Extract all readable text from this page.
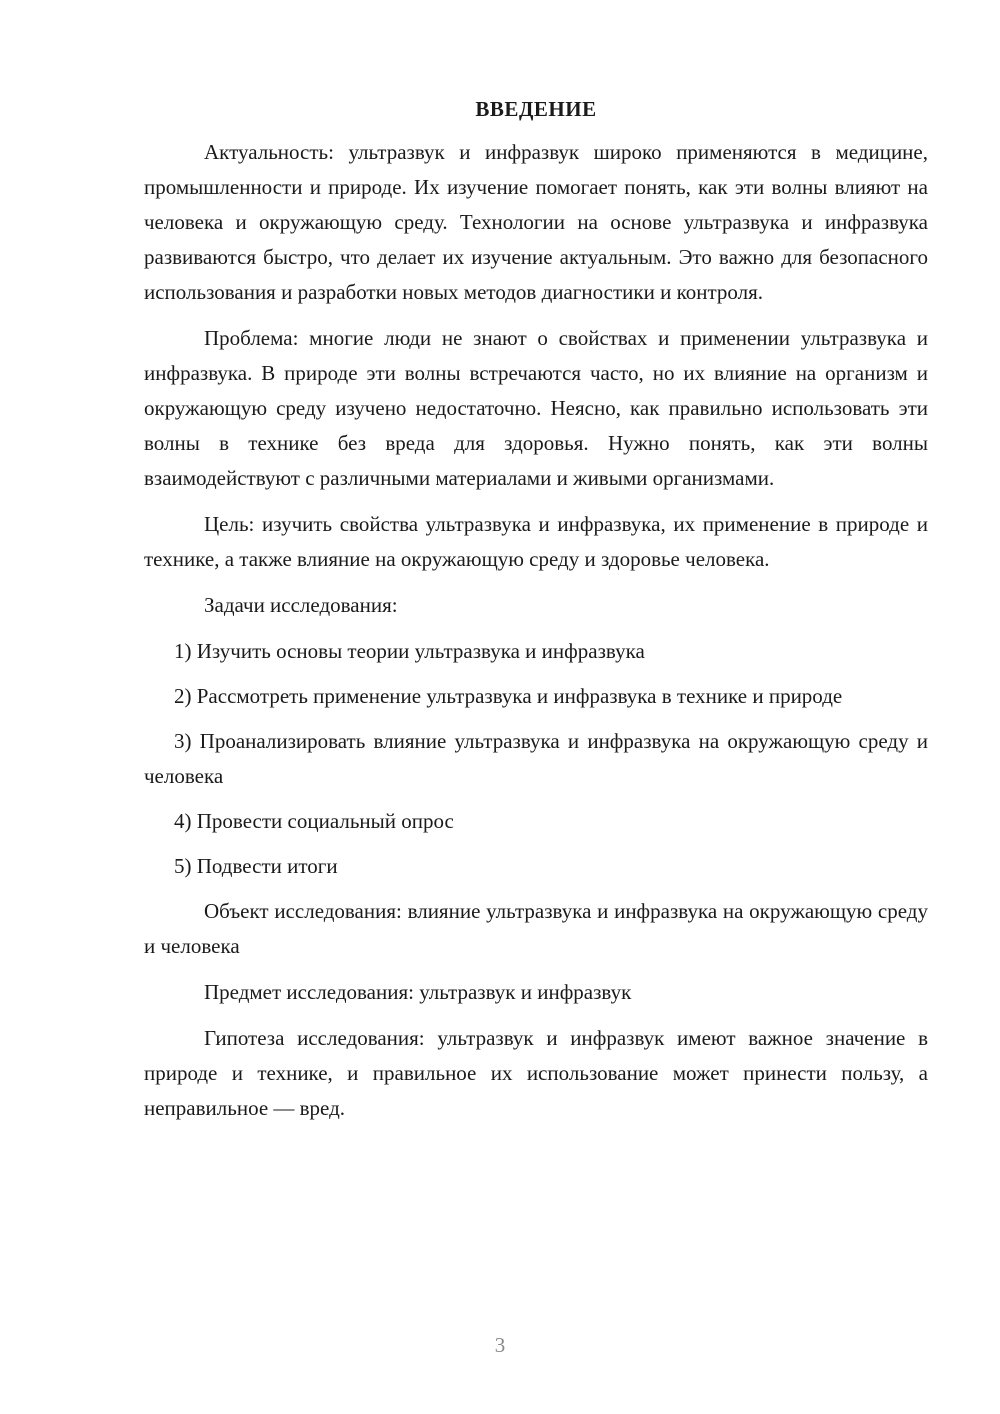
ВВЕДЕНИЕ

Актуальность: ультразвук и инфразвук широко применяются в медицине, промышленности и природе. Их изучение помогает понять, как эти волны влияют на человека и окружающую среду. Технологии на основе ультразвука и инфразвука развиваются быстро, что делает их изучение актуальным. Это важно для безопасного использования и разработки новых методов диагностики и контроля.

Проблема: многие люди не знают о свойствах и применении ультразвука и инфразвука. В природе эти волны встречаются часто, но их влияние на организм и окружающую среду изучено недостаточно. Неясно, как правильно использовать эти волны в технике без вреда для здоровья. Нужно понять, как эти волны взаимодействуют с различными материалами и живыми организмами.

Цель: изучить свойства ультразвука и инфразвука, их применение в природе и технике, а также влияние на окружающую среду и здоровье человека.

Задачи исследования:

1) Изучить основы теории ультразвука и инфразвука

2) Рассмотреть применение ультразвука и инфразвука в технике и природе

3) Проанализировать влияние ультразвука и инфразвука на окружающую среду и человека

4) Провести социальный опрос

5) Подвести итоги

Объект исследования: влияние ультразвука и инфразвука на окружающую среду и человека

Предмет исследования: ультразвук и инфразвук

Гипотеза исследования: ультразвук и инфразвук имеют важное значение в природе и технике, и правильное их использование может принести пользу, а неправильное — вред.

3
